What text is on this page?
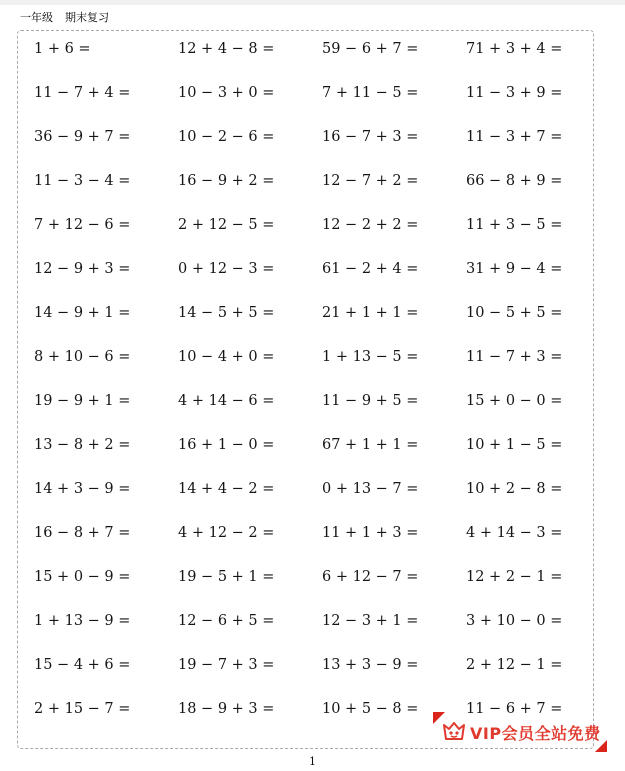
一年级 期末复习
1 + 6 =	12 + 4 − 8 =	59 − 6 + 7 =	71 + 3 + 4 =
11 − 7 + 4 =	10 − 3 + 0 =	7 + 11 − 5 =	11 − 3 + 9 =
36 − 9 + 7 =	10 − 2 − 6 =	16 − 7 + 3 =	11 − 3 + 7 =
11 − 3 − 4 =	16 − 9 + 2 =	12 − 7 + 2 =	66 − 8 + 9 =
7 + 12 − 6 =	2 + 12 − 5 =	12 − 2 + 2 =	11 + 3 − 5 =
12 − 9 + 3 =	0 + 12 − 3 =	61 − 2 + 4 =	31 + 9 − 4 =
14 − 9 + 1 =	14 − 5 + 5 =	21 + 1 + 1 =	10 − 5 + 5 =
8 + 10 − 6 =	10 − 4 + 0 =	1 + 13 − 5 =	11 − 7 + 3 =
19 − 9 + 1 =	4 + 14 − 6 =	11 − 9 + 5 =	15 + 0 − 0 =
13 − 8 + 2 =	16 + 1 − 0 =	67 + 1 + 1 =	10 + 1 − 5 =
14 + 3 − 9 =	14 + 4 − 2 =	0 + 13 − 7 =	10 + 2 − 8 =
16 − 8 + 7 =	4 + 12 − 2 =	11 + 1 + 3 =	4 + 14 − 3 =
15 + 0 − 9 =	19 − 5 + 1 =	6 + 12 − 7 =	12 + 2 − 1 =
1 + 13 − 9 =	12 − 6 + 5 =	12 − 3 + 1 =	3 + 10 − 0 =
15 − 4 + 6 =	19 − 7 + 3 =	13 + 3 − 9 =	2 + 12 − 1 =
2 + 15 − 7 =	18 − 9 + 3 =	10 + 5 − 8 =	11 − 6 + 7 =
1
VIP会员全站免费
